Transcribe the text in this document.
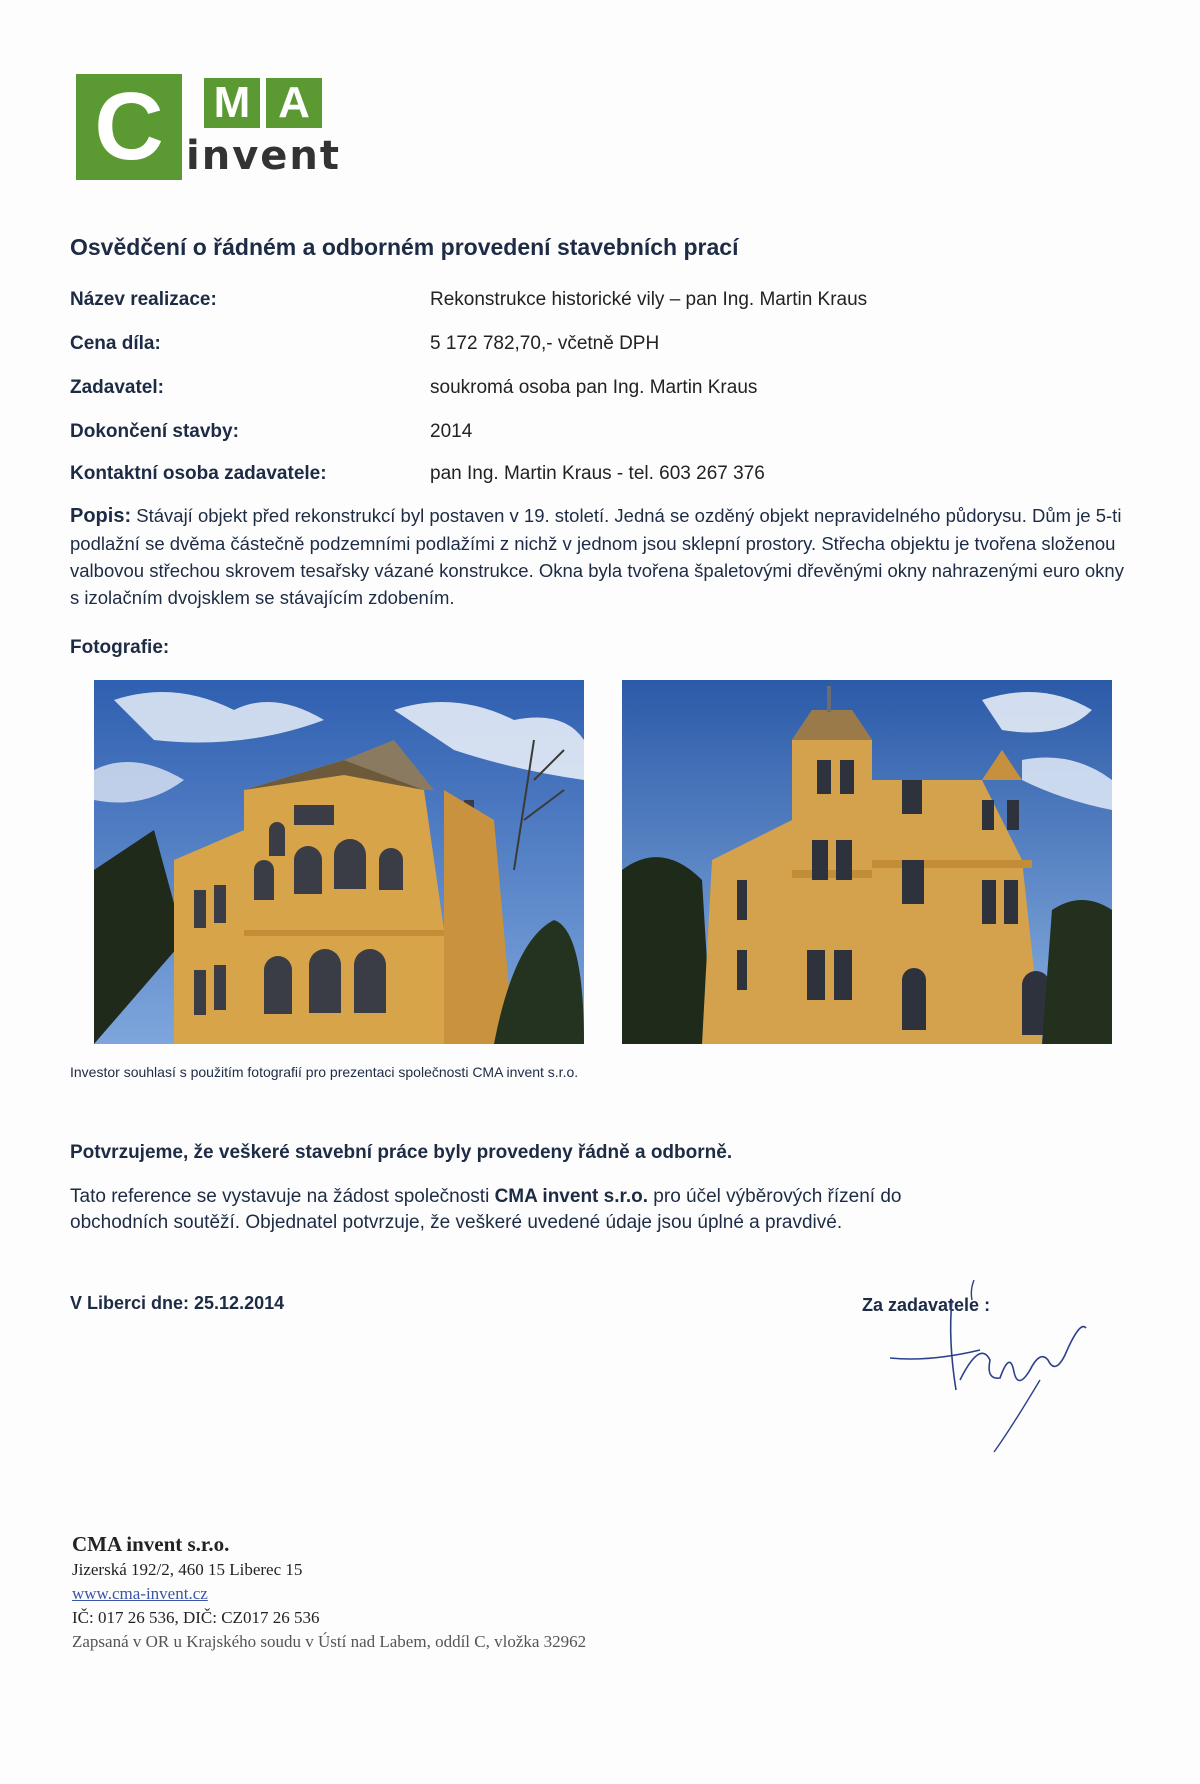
C	M A
invent
Osvědčení o řádném a odborném provedení stavebních prací
Název realizace:	Rekonstrukce historické vily – pan Ing. Martin Kraus
Cena díla:	5 172 782,70,- včetně DPH
Zadavatel:	soukromá osoba pan Ing. Martin Kraus
Dokončení stavby:	2014
Kontaktní osoba zadavatele:	pan Ing. Martin Kraus - tel. 603 267 376

Popis: Stávají objekt před rekonstrukcí byl postaven v 19. století. Jedná se ozděný objekt nepravidelného půdorysu. Dům je 5-ti podlažní se dvěma částečně podzemními podlažími z nichž v jednom jsou sklepní prostory. Střecha objektu je tvořena složenou valbovou střechou skrovem tesařsky vázané konstrukce. Okna byla tvořena špaletovými dřevěnými okny nahrazenými euro okny s izolačním dvojsklem se stávajícím zdobením.

Fotografie:
Investor souhlasí s použitím fotografií pro prezentaci společnosti CMA invent s.r.o.
Potvrzujeme, že veškeré stavební práce byly provedeny řádně a odborně.

Tato reference se vystavuje na žádost společnosti CMA invent s.r.o. pro účel výběrových řízení do obchodních soutěží. Objednatel potvrzuje, že veškeré uvedené údaje jsou úplné a pravdivé.

V Liberci dne: 25.12.2014	Za zadavatele :
CMA invent s.r.o.
Jizerská 192/2, 460 15 Liberec 15
www.cma-invent.cz
IČ: 017 26 536, DIČ: CZ017 26 536
Zapsaná v OR u Krajského soudu v Ústí nad Labem, oddíl C, vložka 32962
